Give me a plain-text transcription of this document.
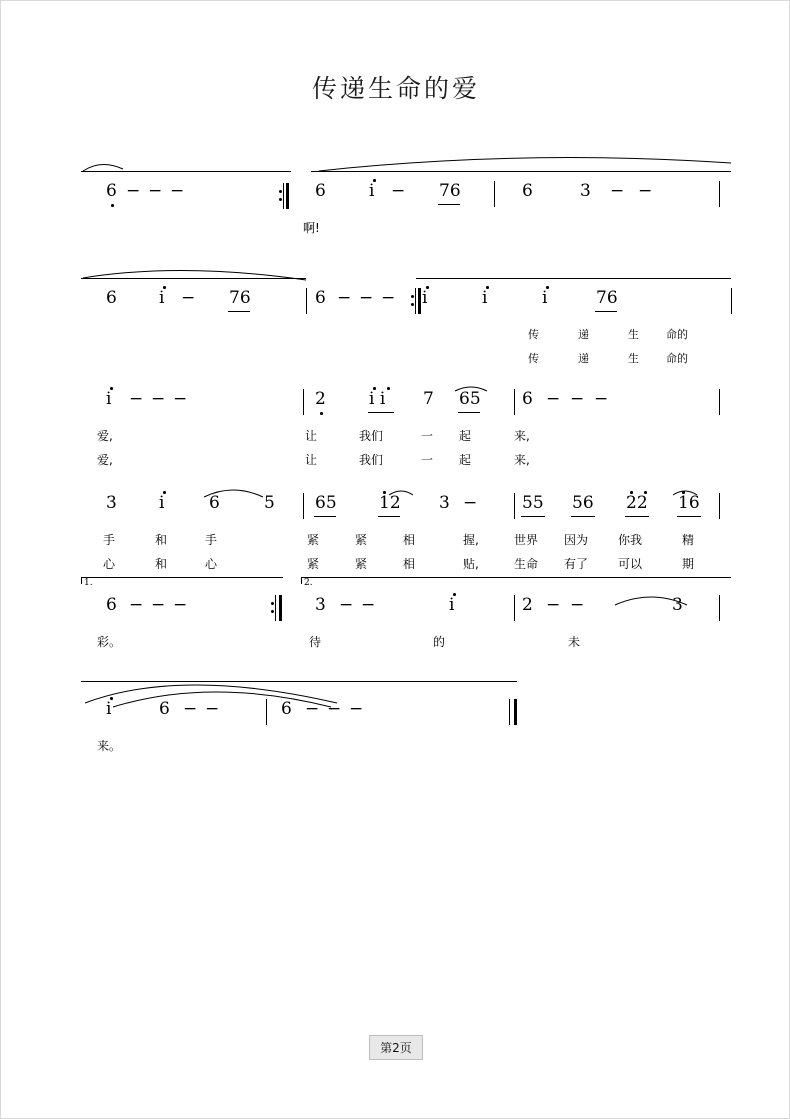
传递生命的爱
6 − − −	6	i − 76
啊!
6	3 − −
6 i − 76	6 − − − i	i	i	76
传	递	生 命的
传	递	生 命的
i − − −
爱,
爱,
2	i i 7 65
让	我们	一 起
让	我们	一 起
6 − − −
来,
来,
3 i	6	5
手	和	手
心	和	心
65 12 3 −
紧	紧	相	握,
紧	紧	相	贴,
55 56 22 16
世界 因为 你我	精
生命 有了 可以	期
1.	2.
6 − − −
彩。
3 − −	i
待	的
2 − −	3
未
i	6 − −
来。
6 − − −
第2页
